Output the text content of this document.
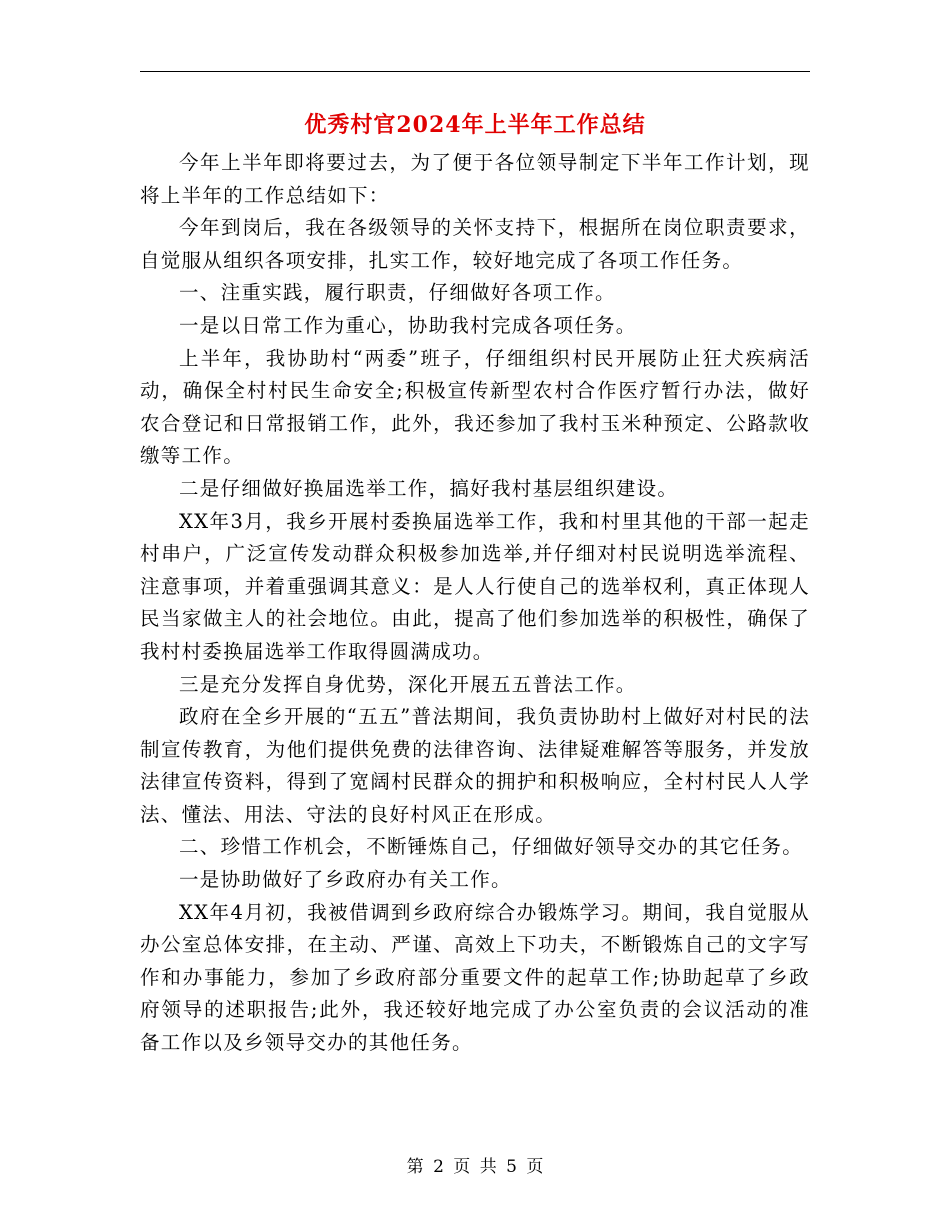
优秀村官2024年上半年工作总结

今年上半年即将要过去，为了便于各位领导制定下半年工作计划，现将上半年的工作总结如下：

今年到岗后，我在各级领导的关怀支持下，根据所在岗位职责要求，自觉服从组织各项安排，扎实工作，较好地完成了各项工作任务。

一、注重实践，履行职责，仔细做好各项工作。

一是以日常工作为重心，协助我村完成各项任务。

上半年，我协助村“两委”班子，仔细组织村民开展防止狂犬疾病活动，确保全村村民生命安全;积极宣传新型农村合作医疗暂行办法，做好农合登记和日常报销工作，此外，我还参加了我村玉米种预定、公路款收缴等工作。

二是仔细做好换届选举工作，搞好我村基层组织建设。

XX年3月，我乡开展村委换届选举工作，我和村里其他的干部一起走村串户，广泛宣传发动群众积极参加选举,并仔细对村民说明选举流程、注意事项，并着重强调其意义：是人人行使自己的选举权利，真正体现人民当家做主人的社会地位。由此，提高了他们参加选举的积极性，确保了我村村委换届选举工作取得圆满成功。

三是充分发挥自身优势，深化开展五五普法工作。

政府在全乡开展的“五五”普法期间，我负责协助村上做好对村民的法制宣传教育，为他们提供免费的法律咨询、法律疑难解答等服务，并发放法律宣传资料，得到了宽阔村民群众的拥护和积极响应，全村村民人人学法、懂法、用法、守法的良好村风正在形成。

二、珍惜工作机会，不断锤炼自己，仔细做好领导交办的其它任务。

一是协助做好了乡政府办有关工作。

XX年4月初，我被借调到乡政府综合办锻炼学习。期间，我自觉服从办公室总体安排，在主动、严谨、高效上下功夫，不断锻炼自己的文字写作和办事能力，参加了乡政府部分重要文件的起草工作;协助起草了乡政府领导的述职报告;此外，我还较好地完成了办公室负责的会议活动的准备工作以及乡领导交办的其他任务。

第 2 页 共 5 页
